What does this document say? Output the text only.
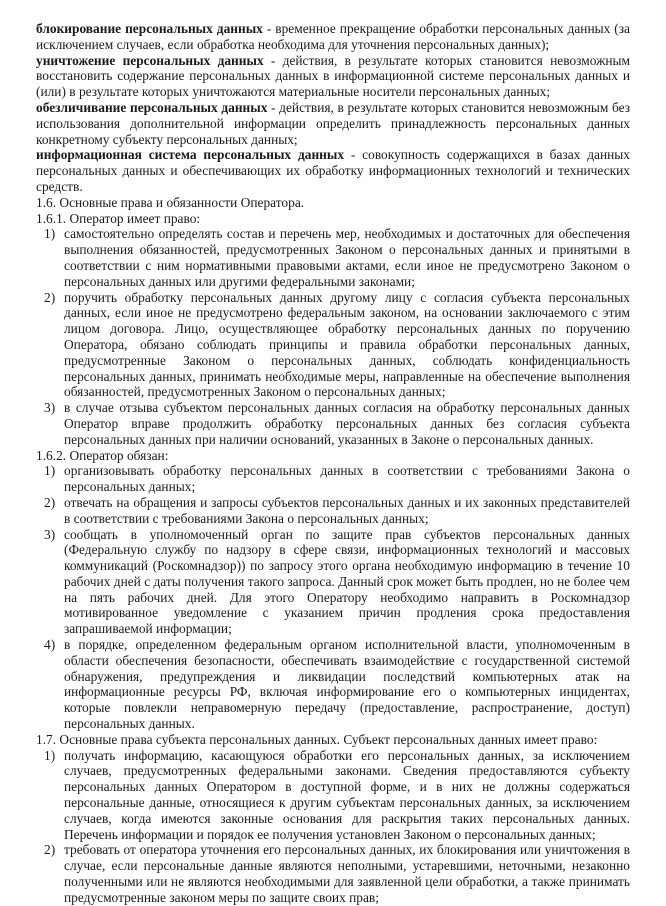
блокирование персональных данных - временное прекращение обработки персональных данных (за исключением случаев, если обработка необходима для уточнения персональных данных);

уничтожение персональных данных - действия, в результате которых становится невозможным восстановить содержание персональных данных в информационной системе персональных данных и (или) в результате которых уничтожаются материальные носители персональных данных;

обезличивание персональных данных - действия, в результате которых становится невозможным без использования дополнительной информации определить принадлежность персональных данных конкретному субъекту персональных данных;

информационная система персональных данных - совокупность содержащихся в базах данных персональных данных и обеспечивающих их обработку информационных технологий и технических средств.

1.6. Основные права и обязанности Оператора.

1.6.1. Оператор имеет право:

1) самостоятельно определять состав и перечень мер, необходимых и достаточных для обеспечения выполнения обязанностей, предусмотренных Законом о персональных данных и принятыми в соответствии с ним нормативными правовыми актами, если иное не предусмотрено Законом о персональных данных или другими федеральными законами;
2) поручить обработку персональных данных другому лицу с согласия субъекта персональных данных, если иное не предусмотрено федеральным законом, на основании заключаемого с этим лицом договора. Лицо, осуществляющее обработку персональных данных по поручению Оператора, обязано соблюдать принципы и правила обработки персональных данных, предусмотренные Законом о персональных данных, соблюдать конфиденциальность персональных данных, принимать необходимые меры, направленные на обеспечение выполнения обязанностей, предусмотренных Законом о персональных данных;
3) в случае отзыва субъектом персональных данных согласия на обработку персональных данных Оператор вправе продолжить обработку персональных данных без согласия субъекта персональных данных при наличии оснований, указанных в Законе о персональных данных.

1.6.2. Оператор обязан:

1) организовывать обработку персональных данных в соответствии с требованиями Закона о персональных данных;
2) отвечать на обращения и запросы субъектов персональных данных и их законных представителей в соответствии с требованиями Закона о персональных данных;
3) сообщать в уполномоченный орган по защите прав субъектов персональных данных (Федеральную службу по надзору в сфере связи, информационных технологий и массовых коммуникаций (Роскомнадзор)) по запросу этого органа необходимую информацию в течение 10 рабочих дней с даты получения такого запроса. Данный срок может быть продлен, но не более чем на пять рабочих дней. Для этого Оператору необходимо направить в Роскомнадзор мотивированное уведомление с указанием причин продления срока предоставления запрашиваемой информации;
4) в порядке, определенном федеральным органом исполнительной власти, уполномоченным в области обеспечения безопасности, обеспечивать взаимодействие с государственной системой обнаружения, предупреждения и ликвидации последствий компьютерных атак на информационные ресурсы РФ, включая информирование его о компьютерных инцидентах, которые повлекли неправомерную передачу (предоставление, распространение, доступ) персональных данных.

1.7. Основные права субъекта персональных данных. Субъект персональных данных имеет право:

1) получать информацию, касающуюся обработки его персональных данных, за исключением случаев, предусмотренных федеральными законами. Сведения предоставляются субъекту персональных данных Оператором в доступной форме, и в них не должны содержаться персональные данные, относящиеся к другим субъектам персональных данных, за исключением случаев, когда имеются законные основания для раскрытия таких персональных данных. Перечень информации и порядок ее получения установлен Законом о персональных данных;
2) требовать от оператора уточнения его персональных данных, их блокирования или уничтожения в случае, если персональные данные являются неполными, устаревшими, неточными, незаконно полученными или не являются необходимыми для заявленной цели обработки, а также принимать предусмотренные законом меры по защите своих прав;
